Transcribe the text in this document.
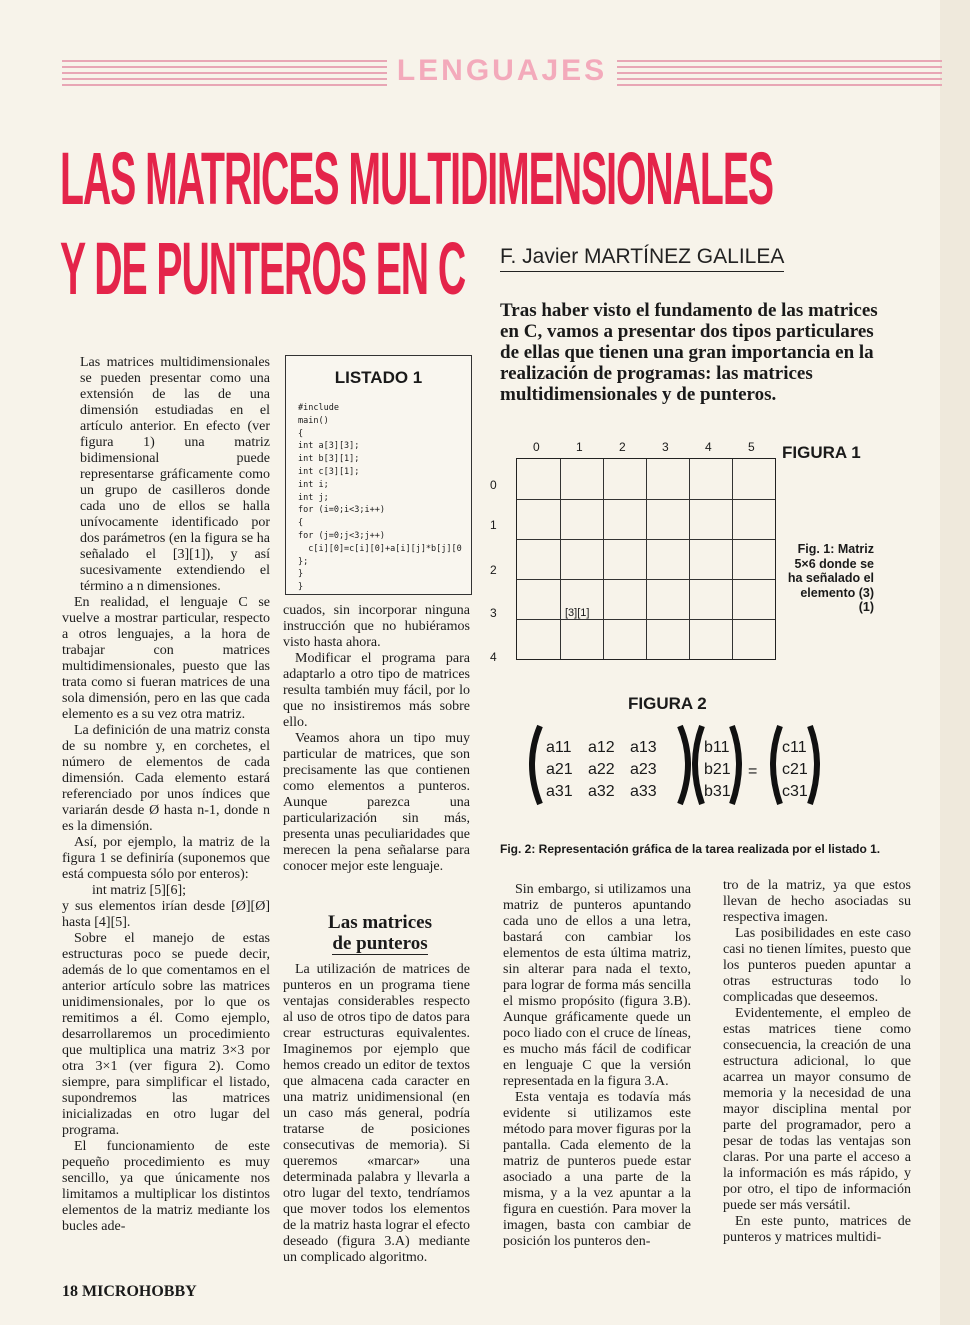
LENGUAJES
LAS MATRICES MULTIDIMENSIONALES
Y DE PUNTEROS EN C F. Javier MARTÍNEZ GALILEA
Tras haber visto el fundamento de las matrices en C, vamos a presentar dos tipos particulares de ellas que tienen una gran importancia en la realización de programas: las matrices multidimensionales y de punteros.

Las matrices multidimensionales se pueden presentar como una extensión de las de una dimensión estudiadas en el artículo anterior. En efecto (ver figura 1) una matriz bidimensional puede representarse gráficamente como un grupo de casilleros donde cada uno de ellos se halla unívocamente identificado por dos parámetros (en la figura se ha señalado el [3][1]), y así sucesivamente extendiendo el término a n dimensiones.

En realidad, el lenguaje C se vuelve a mostrar particular, respecto a otros lenguajes, a la hora de trabajar con matrices multidimensionales, puesto que las trata como si fueran matrices de una sola dimensión, pero en las que cada elemento es a su vez otra matriz.

La definición de una matriz consta de su nombre y, en corchetes, el número de elementos de cada dimensión. Cada elemento estará referenciado por unos índices que variarán desde Ø hasta n-1, donde n es la dimensión.

Así, por ejemplo, la matriz de la figura 1 se definiría (suponemos que está compuesta sólo por enteros):

int matriz [5][6];

y sus elementos irían desde [Ø][Ø] hasta [4][5].

Sobre el manejo de estas estructuras poco se puede decir, además de lo que comentamos en el anterior artículo sobre las matrices unidimensionales, por lo que os remitimos a él. Como ejemplo, desarrollaremos un procedimiento que multiplica una matriz 3×3 por otra 3×1 (ver figura 2). Como siempre, para simplificar el listado, supondremos las matrices inicializadas en otro lugar del programa.

El funcionamiento de este pequeño procedimiento es muy sencillo, ya que únicamente nos limitamos a multiplicar los distintos elementos de la matriz mediante los bucles ade-

LISTADO 1
#include
main()
{
int a[3][3];
int b[3][1];
int c[3][1];
int i;
int j;
for (i=0;i<3;i++)
{
for (j=0;j<3;j++)
c[i][0]=c[i][0]+a[i][j]*b[j][0
};
}
}

cuados, sin incorporar ninguna instrucción que no hubiéramos visto hasta ahora.

Modificar el programa para adaptarlo a otro tipo de matrices resulta también muy fácil, por lo que no insistiremos más sobre ello.

Veamos ahora un tipo muy particular de matrices, que son precisamente las que contienen como elementos a punteros. Aunque parezca una particularización sin más, presenta unas peculiaridades que merecen la pena señalarse para conocer mejor este lenguaje.

Las matrices
de punteros

La utilización de matrices de punteros en un programa tiene ventajas considerables respecto al uso de otros tipo de datos para crear estructuras equivalentes. Imaginemos por ejemplo que hemos creado un editor de textos que almacena cada caracter en una matriz unidimensional (en un caso más general, podría tratarse de posiciones consecutivas de memoria). Si queremos «marcar» una determinada palabra y llevarla a otro lugar del texto, tendríamos que mover todos los elementos de la matriz hasta lograr el efecto deseado (figura 3.A) mediante un complicado algoritmo.

[3][1]
0	1	2	3	4	5
0
1
2
3
4
FIGURA 1
Fig. 1: Matriz 5×6 donde se ha señalado el elemento (3) (1)
FIGURA 2
a11 a12 a13
a21 a22 a23
a31 a32 a33
b11
b21
b31
=
c11
c21
c31
Fig. 2: Representación gráfica de la tarea realizada por el listado 1.

Sin embargo, si utilizamos una matriz de punteros apuntando cada uno de ellos a una letra, bastará con cambiar los elementos de esta última matriz, sin alterar para nada el texto, para lograr de forma más sencilla el mismo propósito (figura 3.B). Aunque gráficamente quede un poco liado con el cruce de líneas, es mucho más fácil de codificar en lenguaje C que la versión representada en la figura 3.A.

Esta ventaja es todavía más evidente si utilizamos este método para mover figuras por la pantalla. Cada elemento de la matriz de punteros puede estar asociado a una parte de la misma, y a la vez apuntar a la figura en cuestión. Para mover la imagen, basta con cambiar de posición los punteros den-

tro de la matriz, ya que estos llevan de hecho asociadas su respectiva imagen.

Las posibilidades en este caso casi no tienen límites, puesto que los punteros pueden apuntar a otras estructuras todo lo complicadas que deseemos.

Evidentemente, el empleo de estas matrices tiene como consecuencia, la creación de una estructura adicional, lo que acarrea un mayor consumo de memoria y la necesidad de una mayor disciplina mental por parte del programador, pero a pesar de todas las ventajas son claras. Por una parte el acceso a la información es más rápido, y por otro, el tipo de información puede ser más versátil.

En este punto, matrices de punteros y matrices multidi-

18 MICROHOBBY
